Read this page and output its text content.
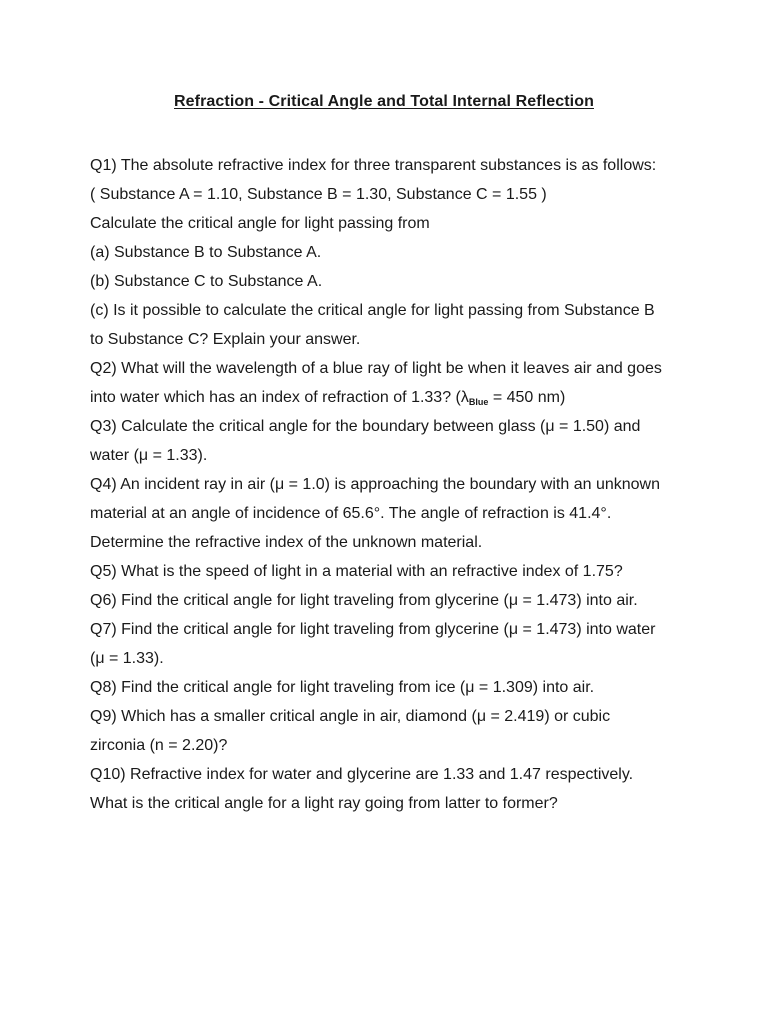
Refraction - Critical Angle and Total Internal Reflection
Q1) The absolute refractive index for three transparent substances is as follows:
( Substance A = 1.10, Substance B = 1.30, Substance C = 1.55 )
Calculate the critical angle for light passing from
(a) Substance B to Substance A.
(b) Substance C to Substance A.
(c) Is it possible to calculate the critical angle for light passing from Substance B
to Substance C? Explain your answer.
Q2) What will the wavelength of a blue ray of light be when it leaves air and goes
into water which has an index of refraction of 1.33? ($\lambda_{Blue} = 450$ nm)
Q3) Calculate the critical angle for the boundary between glass (μ = 1.50) and
water (μ = 1.33).
Q4) An incident ray in air (μ = 1.0) is approaching the boundary with an unknown
material at an angle of incidence of 65.6°. The angle of refraction is 41.4°.
Determine the refractive index of the unknown material.
Q5) What is the speed of light in a material with an refractive index of 1.75?
Q6) Find the critical angle for light traveling from glycerine (μ = 1.473) into air.
Q7) Find the critical angle for light traveling from glycerine (μ = 1.473) into water
(μ = 1.33).
Q8) Find the critical angle for light traveling from ice (μ = 1.309) into air.
Q9) Which has a smaller critical angle in air, diamond (μ = 2.419) or cubic
zirconia (n = 2.20)?
Q10) Refractive index for water and glycerine are 1.33 and 1.47 respectively.
What is the critical angle for a light ray going from latter to former?
